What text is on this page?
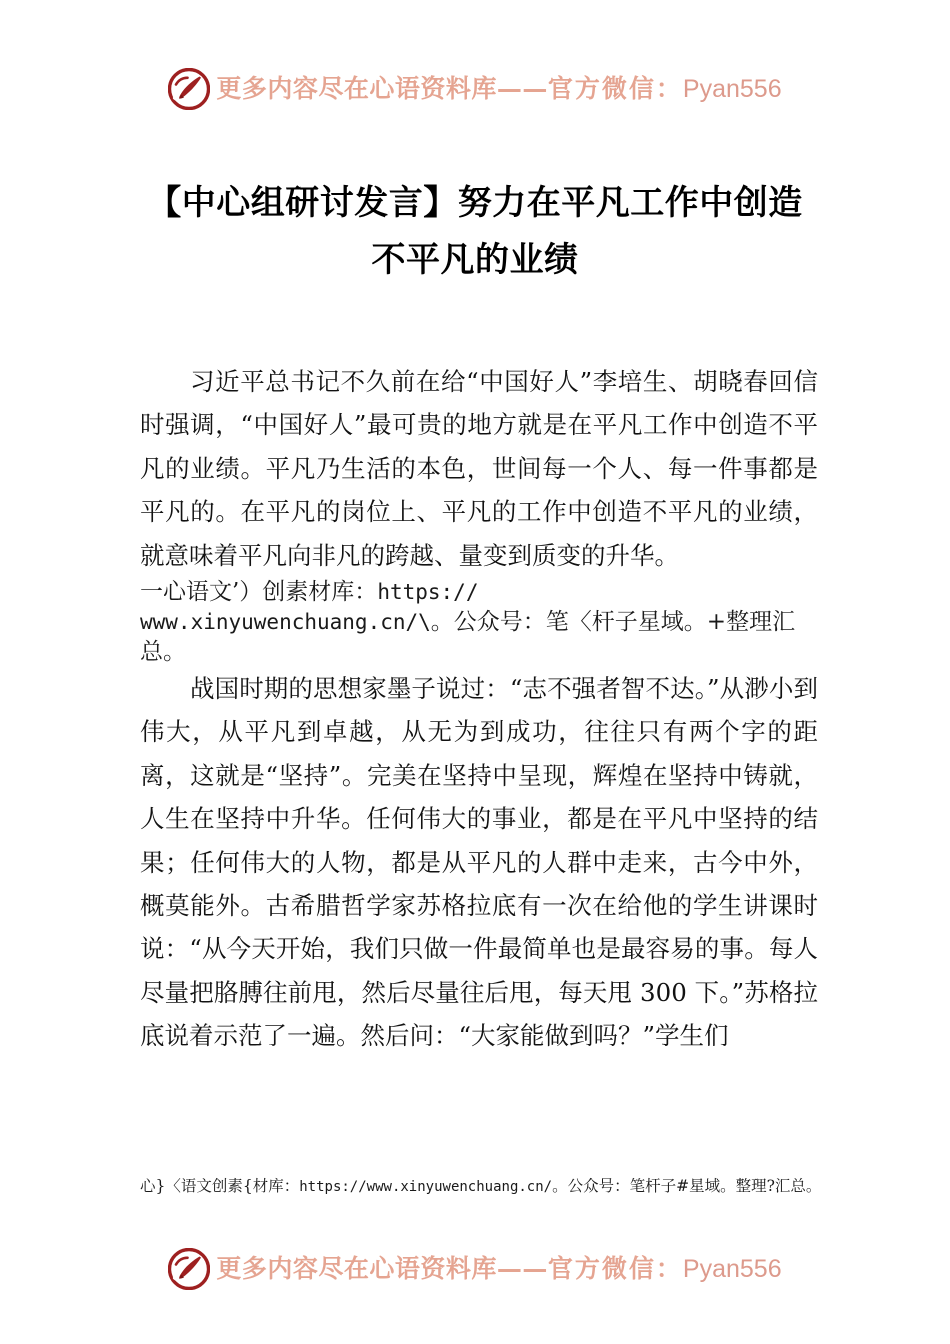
更多内容尽在心语资料库——官方微信：Pyan556
【中心组研讨发言】努力在平凡工作中创造
不平凡的业绩

习近平总书记不久前在给“中国好人”李培生、胡晓春回信时强调，“中国好人”最可贵的地方就是在平凡工作中创造不平凡的业绩。平凡乃生活的本色，世间每一个人、每一件事都是平凡的。在平凡的岗位上、平凡的工作中创造不平凡的业绩，就意味着平凡向非凡的跨越、量变到质变的升华。

一心语文’）创素材库：https://
www.xinyuwenchuang.cn/\。公众号：笔〈杆子星域。+整理汇总。

战国时期的思想家墨子说过：“志不强者智不达。”从渺小到伟大，从平凡到卓越，从无为到成功，往往只有两个字的距离，这就是“坚持”。完美在坚持中呈现，辉煌在坚持中铸就，人生在坚持中升华。任何伟大的事业，都是在平凡中坚持的结果；任何伟大的人物，都是从平凡的人群中走来，古今中外，概莫能外。古希腊哲学家苏格拉底有一次在给他的学生讲课时说：“从今天开始，我们只做一件最简单也是最容易的事。每人尽量把胳膊往前甩，然后尽量往后甩，每天甩 300 下。”苏格拉底说着示范了一遍。然后问：“大家能做到吗？”学生们

心}〈语文创素{材库：https://www.xinyuwenchuang.cn/。公众号：笔杆子#星域。整理?汇总。
更多内容尽在心语资料库——官方微信：Pyan556
